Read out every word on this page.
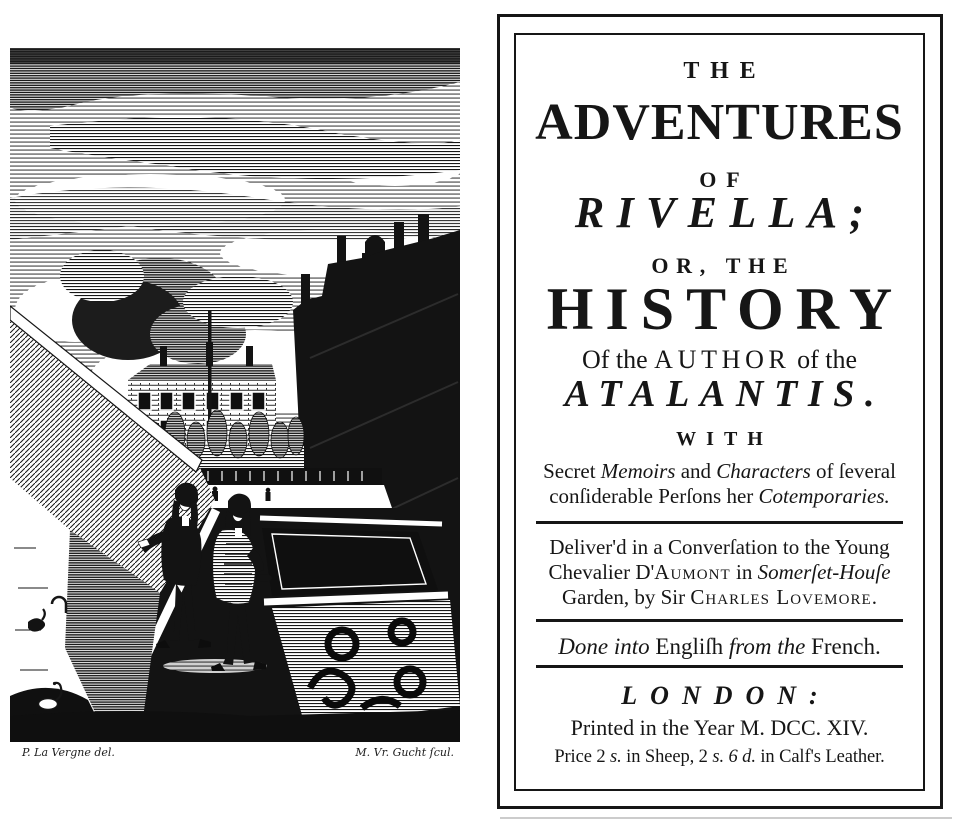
P. La Vergne del.	M. Vr. Gucht ſcul.
THE
ADVENTURES
OF
RIVELLA;
OR, THE
HISTORY
Of the AUTHOR of the
ATALANTIS.
WITH
Secret Memoirs and Characters of ſeveral
conſiderable Perſons her Cotemporaries.
Deliver'd in a Converſation to the Young
Chevalier D'Aumont in Somerſet-Houſe
Garden, by Sir Charles Lovemore.
Done into Engliſh from the French.
LONDON:
Printed in the Year M. DCC. XIV.
Price 2 s. in Sheep, 2 s. 6 d. in Calf's Leather.
